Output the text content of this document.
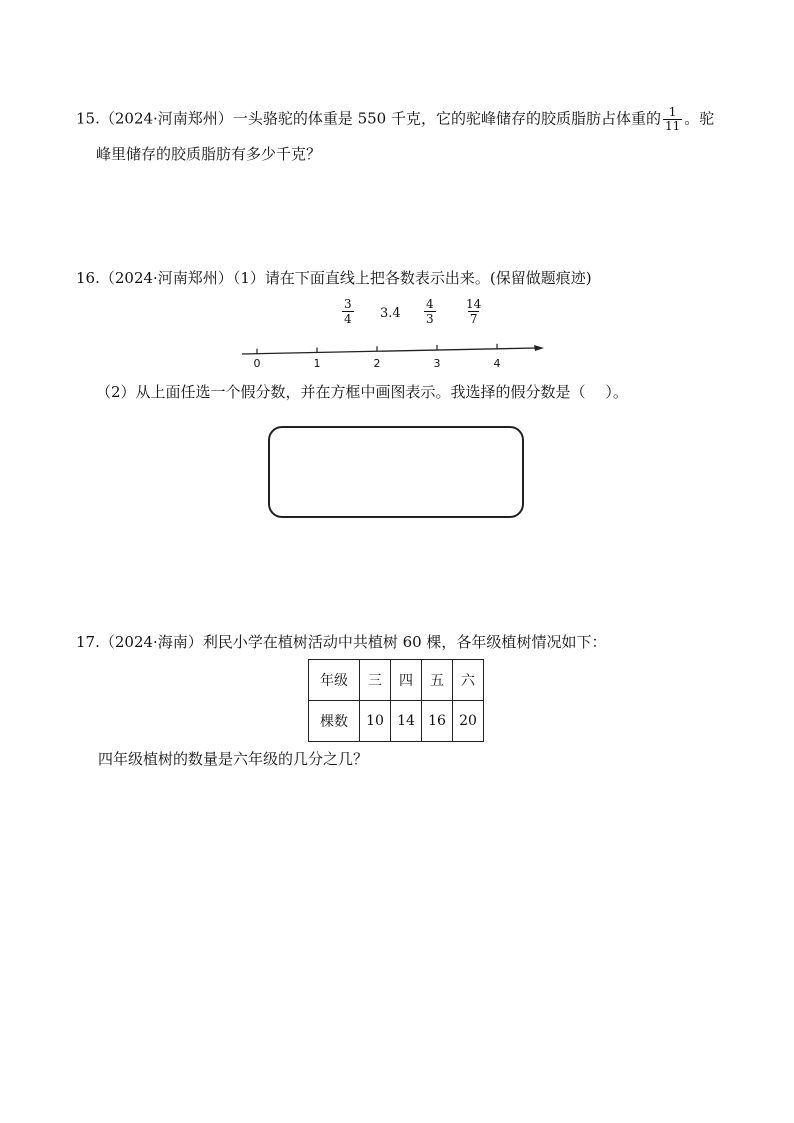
15.（2024·河南郑州）一头骆驼的体重是 550 千克，它的驼峰储存的胶质脂肪占体重的 $\frac{1}{11}$ 。驼
峰里储存的胶质脂肪有多少千克？
16.（2024·河南郑州）（1）请在下面直线上把各数表示出来。(保留做题痕迹)
$\frac{3}{4} 3.4 \frac{4}{3} \frac{14}{7}$
0	1	2	3	4
（2）从上面任选一个假分数，并在方框中画图表示。我选择的假分数是（　 ）。
17.（2024·海南）利民小学在植树活动中共植树 60 棵，各年级植树情况如下：
年级	三	四	五	六
棵数	10	14	16	20
四年级植树的数量是六年级的几分之几？
